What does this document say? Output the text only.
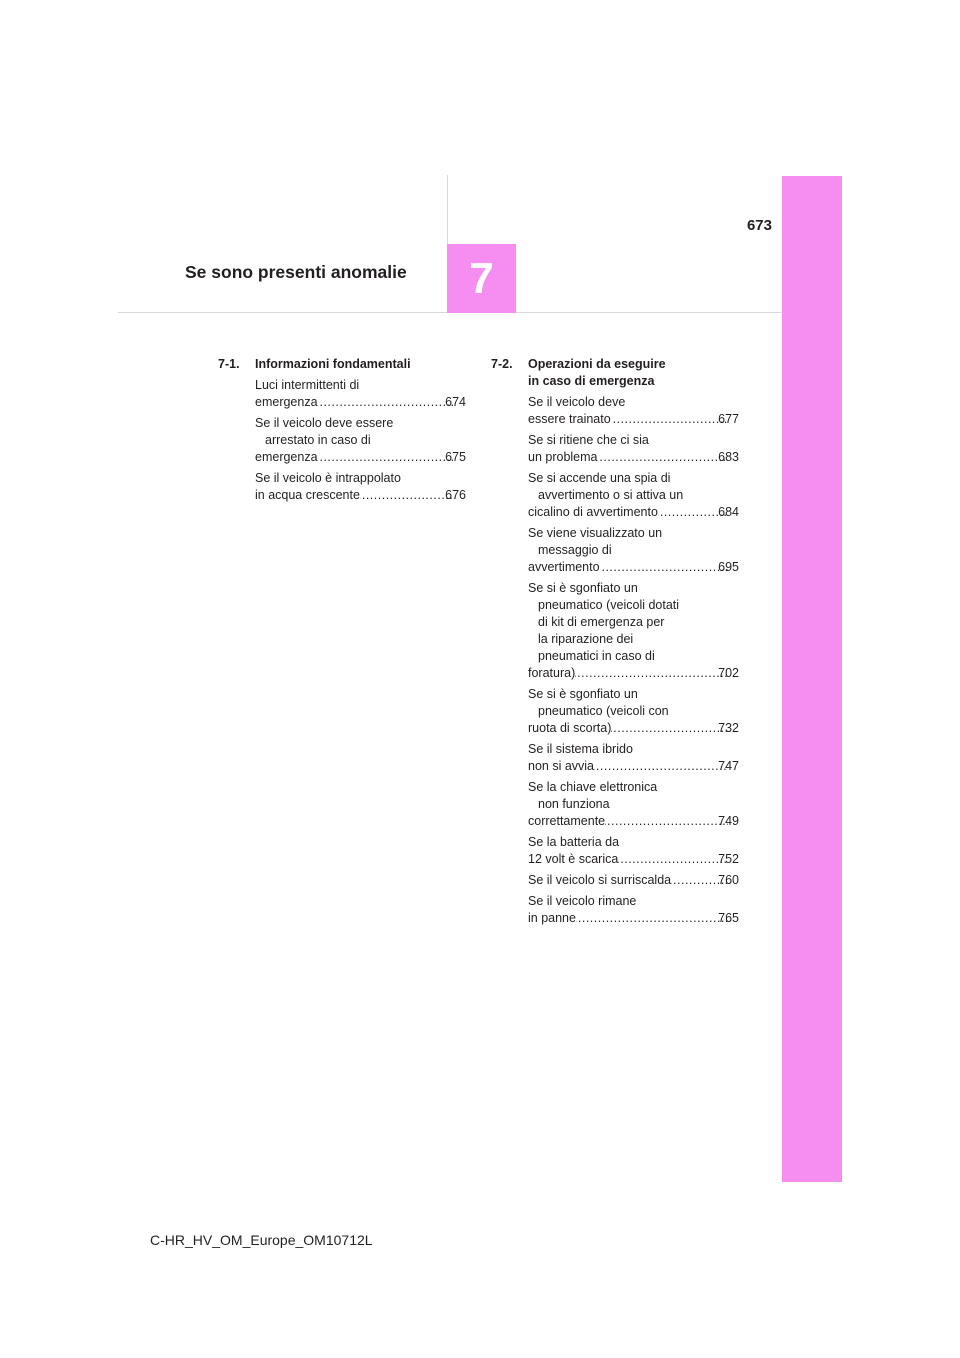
673
Se sono presenti anomalie	7
7-1.	Informazioni fondamentali
Luci intermittenti di

emergenza .....	674
Se il veicolo deve essere
arrestato in caso di

emergenza .....	675
Se il veicolo è intrappolato

in acqua crescente .....	676
7-2.	Operazioni da eseguire
in caso di emergenza
Se il veicolo deve

essere trainato .....	677
Se si ritiene che ci sia

un problema .....	683
Se si accende una spia di
avvertimento o si attiva un

cicalino di avvertimento .....	684
Se viene visualizzato un
messaggio di

avvertimento .....	695
Se si è sgonfiato un
pneumatico (veicoli dotati
di kit di emergenza per
la riparazione dei
pneumatici in caso di

foratura) .....	702
Se si è sgonfiato un
pneumatico (veicoli con

ruota di scorta) .....	732
Se il sistema ibrido

non si avvia .....	747
Se la chiave elettronica
non funziona

correttamente .....	749
Se la batteria da

12 volt è scarica .....	752
Se il veicolo si surriscalda .....	760
Se il veicolo rimane

in panne .....	765
C-HR_HV_OM_Europe_OM10712L
